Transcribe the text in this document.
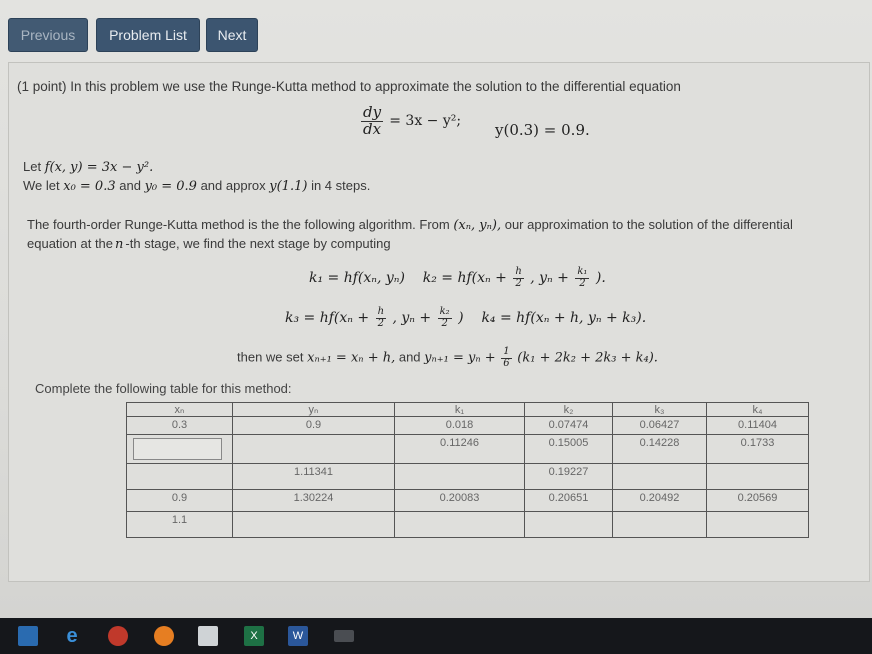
Previous	Problem List	Next
(1 point) In this problem we use the Runge-Kutta method to approximate the solution to the differential equation
$\frac{dy}{dx} = 3x - y^2$; y(0.3) = 0.9.
Let f(x, y) = 3x − y².
We let x₀ = 0.3 and y₀ = 0.9 and approx y(1.1) in 4 steps.
The fourth-order Runge-Kutta method is the the following algorithm. From (xₙ, yₙ), our approximation to the solution of the differential
equation at the n -th stage, we find the next stage by computing
k₁ = hf(xₙ, yₙ) $k_2 = hf(x_n + \frac{h}{2}$ , $y_n + \frac{\text{k₁}}{2}$ ).
$k_3 = hf(x_n + \frac{h}{2}$ , $y_n + \frac{\text{k₂}}{2}$ ) k₄ = hf(xₙ + h, yₙ + k₃).
then we set xₙ₊₁ = xₙ + h, and $y_{n+1} = y_n + \frac{1}{6} (k_1 + 2k_2 + 2k_3 + k_4)$.
Complete the following table for this method:
xₙ	yₙ	k₁	k₂	k₃	k₄
0.3	0.9	0.018	0.07474	0.06427	0.11404
		0.11246	0.15005	0.14228	0.1733
	1.11341		0.19227		
0.9	1.30224	0.20083	0.20651	0.20492	0.20569
1.1					
e	X	W
